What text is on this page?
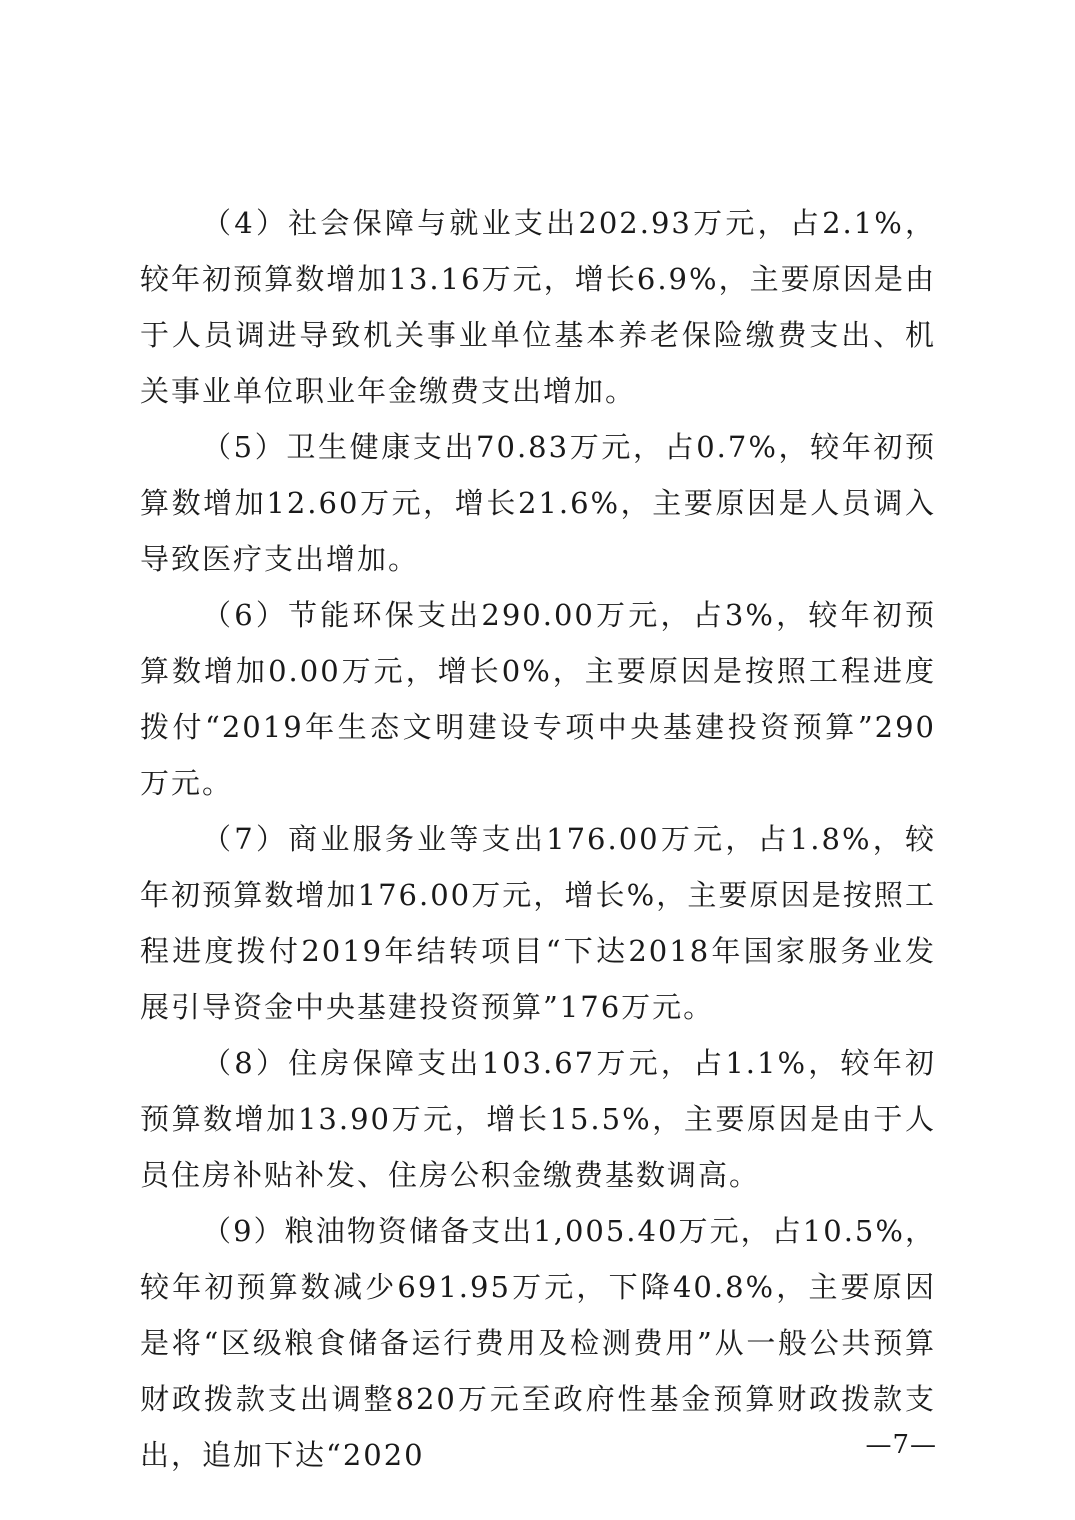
（4）社会保障与就业支出202.93万元，占2.1%，较年初预算数增加13.16万元，增长6.9%，主要原因是由于人员调进导致机关事业单位基本养老保险缴费支出、机关事业单位职业年金缴费支出增加。

（5）卫生健康支出70.83万元，占0.7%，较年初预算数增加12.60万元，增长21.6%，主要原因是人员调入导致医疗支出增加。

（6）节能环保支出290.00万元，占3%，较年初预算数增加0.00万元，增长0%，主要原因是按照工程进度拨付“2019年生态文明建设专项中央基建投资预算”290万元。

（7）商业服务业等支出176.00万元，占1.8%，较年初预算数增加176.00万元，增长%，主要原因是按照工程进度拨付2019年结转项目“下达2018年国家服务业发展引导资金中央基建投资预算”176万元。

（8）住房保障支出103.67万元，占1.1%，较年初预算数增加13.90万元，增长15.5%，主要原因是由于人员住房补贴补发、住房公积金缴费基数调高。

（9）粮油物资储备支出1,005.40万元，占10.5%，较年初预算数减少691.95万元，下降40.8%，主要原因是将“区级粮食储备运行费用及检测费用”从一般公共预算财政拨款支出调整820万元至政府性基金预算财政拨款支出，追加下达“2020	—7—
